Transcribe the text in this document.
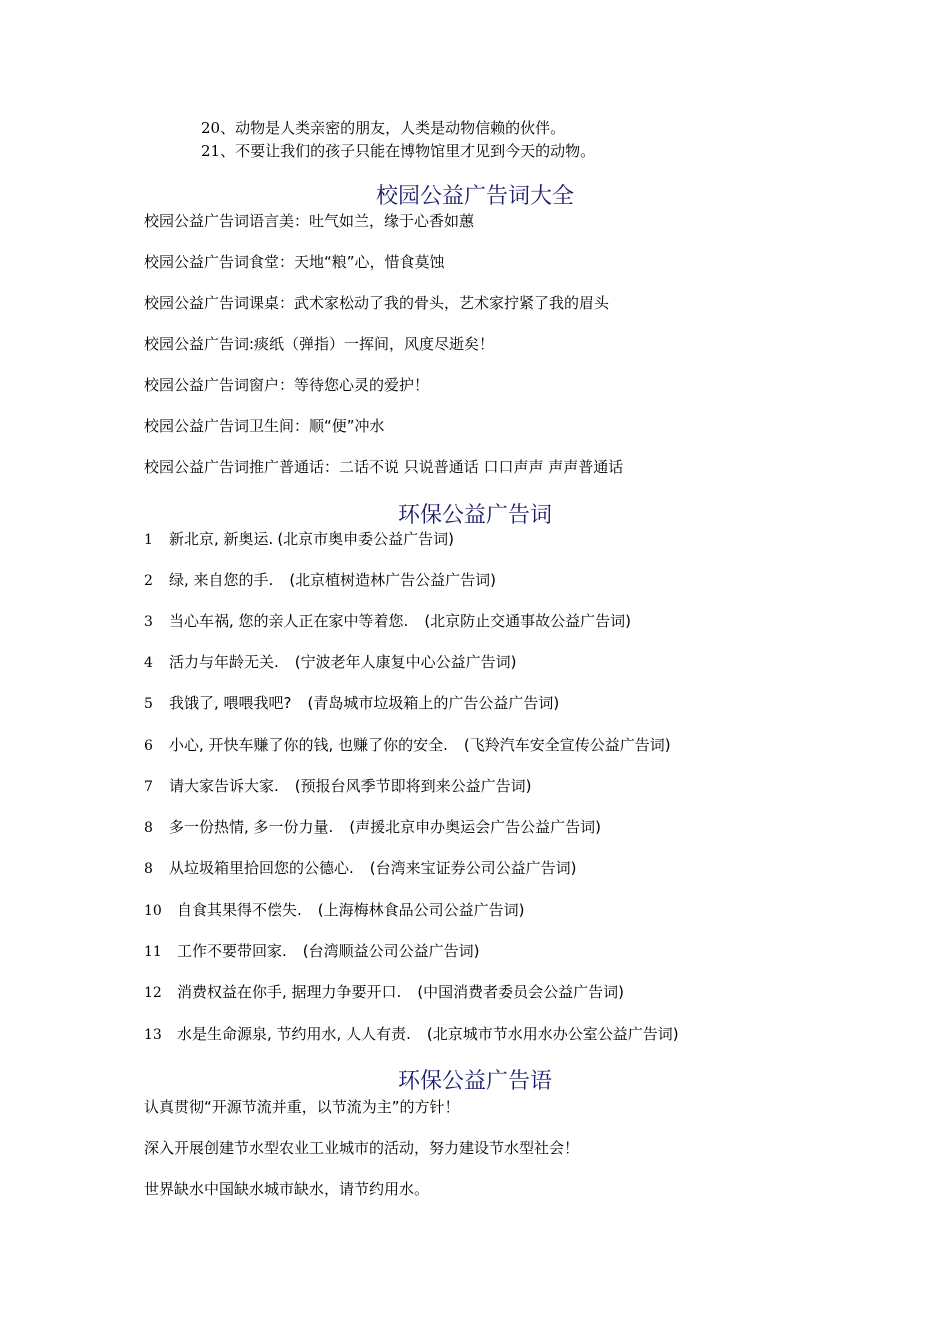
20、动物是人类亲密的朋友，人类是动物信赖的伙伴。
21、不要让我们的孩子只能在博物馆里才见到今天的动物。
校园公益广告词大全
校园公益广告词语言美：吐气如兰，缘于心香如蕙
校园公益广告词食堂：天地“粮”心，惜食莫蚀
校园公益广告词课桌：武术家松动了我的骨头，艺术家拧紧了我的眉头
校园公益广告词:痰纸（弹指）一挥间，风度尽逝矣！
校园公益广告词窗户：等待您心灵的爱护！
校园公益广告词卫生间：顺“便”冲水
校园公益广告词推广普通话：二话不说 只说普通话 口口声声 声声普通话
环保公益广告词
1 新北京, 新奥运. (北京市奥申委公益广告词)
2 绿, 来自您的手. (北京植树造林广告公益广告词)
3 当心车祸, 您的亲人正在家中等着您. (北京防止交通事故公益广告词)
4 活力与年龄无关. (宁波老年人康复中心公益广告词)
5 我饿了, 喂喂我吧? (青岛城市垃圾箱上的广告公益广告词)
6 小心, 开快车赚了你的钱, 也赚了你的安全. (飞羚汽车安全宣传公益广告词)
7 请大家告诉大家. (预报台风季节即将到来公益广告词)
8 多一份热情, 多一份力量. (声援北京申办奥运会广告公益广告词)
8 从垃圾箱里拾回您的公德心. (台湾来宝证券公司公益广告词)
10 自食其果得不偿失. (上海梅林食品公司公益广告词)
11 工作不要带回家. (台湾顺益公司公益广告词)
12 消费权益在你手, 据理力争要开口. (中国消费者委员会公益广告词)
13 水是生命源泉, 节约用水, 人人有责. (北京城市节水用水办公室公益广告词)
环保公益广告语
认真贯彻“开源节流并重，以节流为主”的方针！
深入开展创建节水型农业工业城市的活动，努力建设节水型社会！
世界缺水中国缺水城市缺水，请节约用水。
